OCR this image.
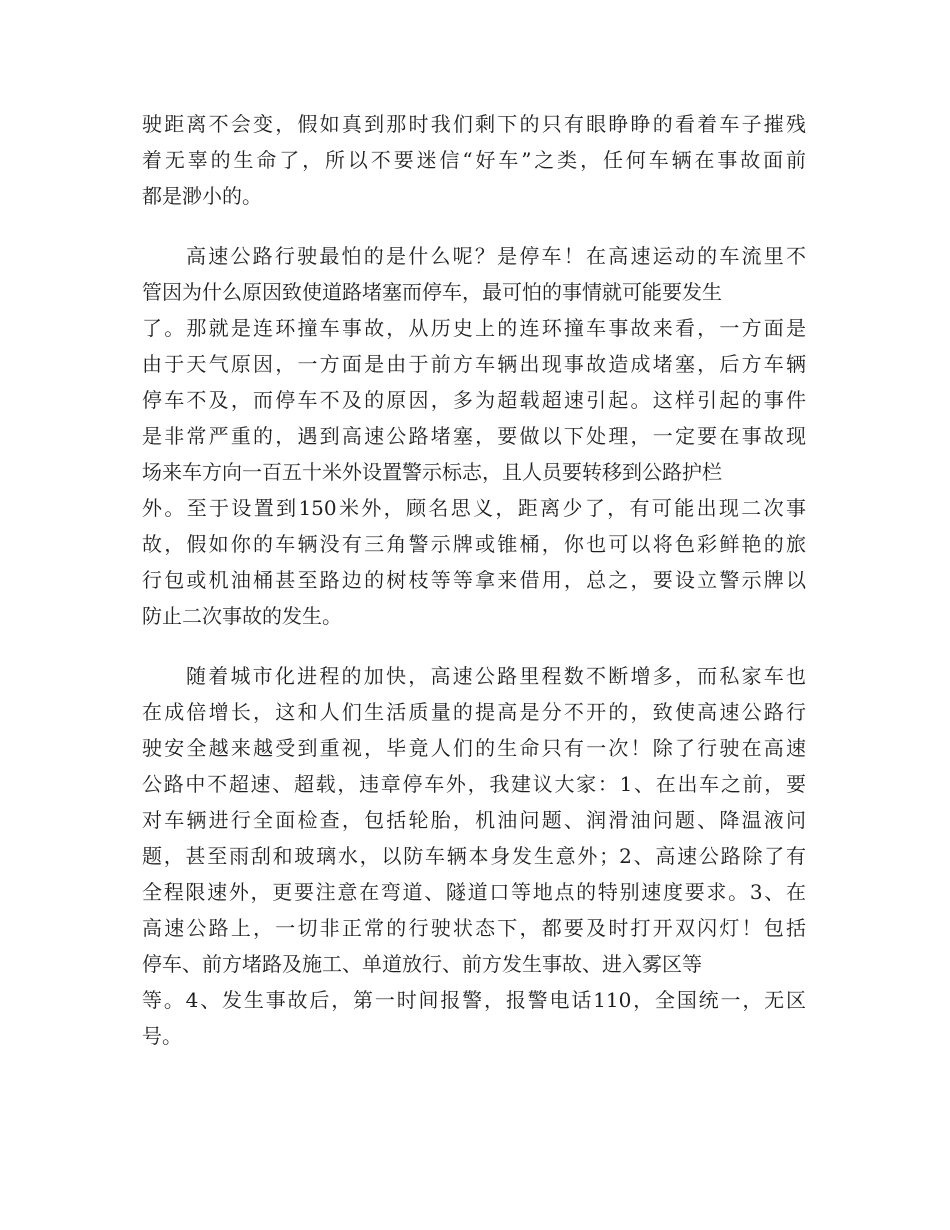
驶距离不会变，假如真到那时我们剩下的只有眼睁睁的看着车子摧残
着无辜的生命了，所以不要迷信“好车”之类，任何车辆在事故面前
都是渺小的。
高速公路行驶最怕的是什么呢？是停车！在高速运动的车流里不
管因为什么原因致使道路堵塞而停车，最可怕的事情就可能要发生
了。那就是连环撞车事故，从历史上的连环撞车事故来看，一方面是
由于天气原因，一方面是由于前方车辆出现事故造成堵塞，后方车辆
停车不及，而停车不及的原因，多为超载超速引起。这样引起的事件
是非常严重的，遇到高速公路堵塞，要做以下处理，一定要在事故现
场来车方向一百五十米外设置警示标志，且人员要转移到公路护栏
外。至于设置到150米外，顾名思义，距离少了，有可能出现二次事
故，假如你的车辆没有三角警示牌或锥桶，你也可以将色彩鲜艳的旅
行包或机油桶甚至路边的树枝等等拿来借用，总之，要设立警示牌以
防止二次事故的发生。
随着城市化进程的加快，高速公路里程数不断增多，而私家车也
在成倍增长，这和人们生活质量的提高是分不开的，致使高速公路行
驶安全越来越受到重视，毕竟人们的生命只有一次！除了行驶在高速
公路中不超速、超载，违章停车外，我建议大家：1、在出车之前，要
对车辆进行全面检查，包括轮胎，机油问题、润滑油问题、降温液问
题，甚至雨刮和玻璃水，以防车辆本身发生意外；2、高速公路除了有
全程限速外，更要注意在弯道、隧道口等地点的特别速度要求。3、在
高速公路上，一切非正常的行驶状态下，都要及时打开双闪灯！包括
停车、前方堵路及施工、单道放行、前方发生事故、进入雾区等
等。4、发生事故后，第一时间报警，报警电话110，全国统一，无区
号。
